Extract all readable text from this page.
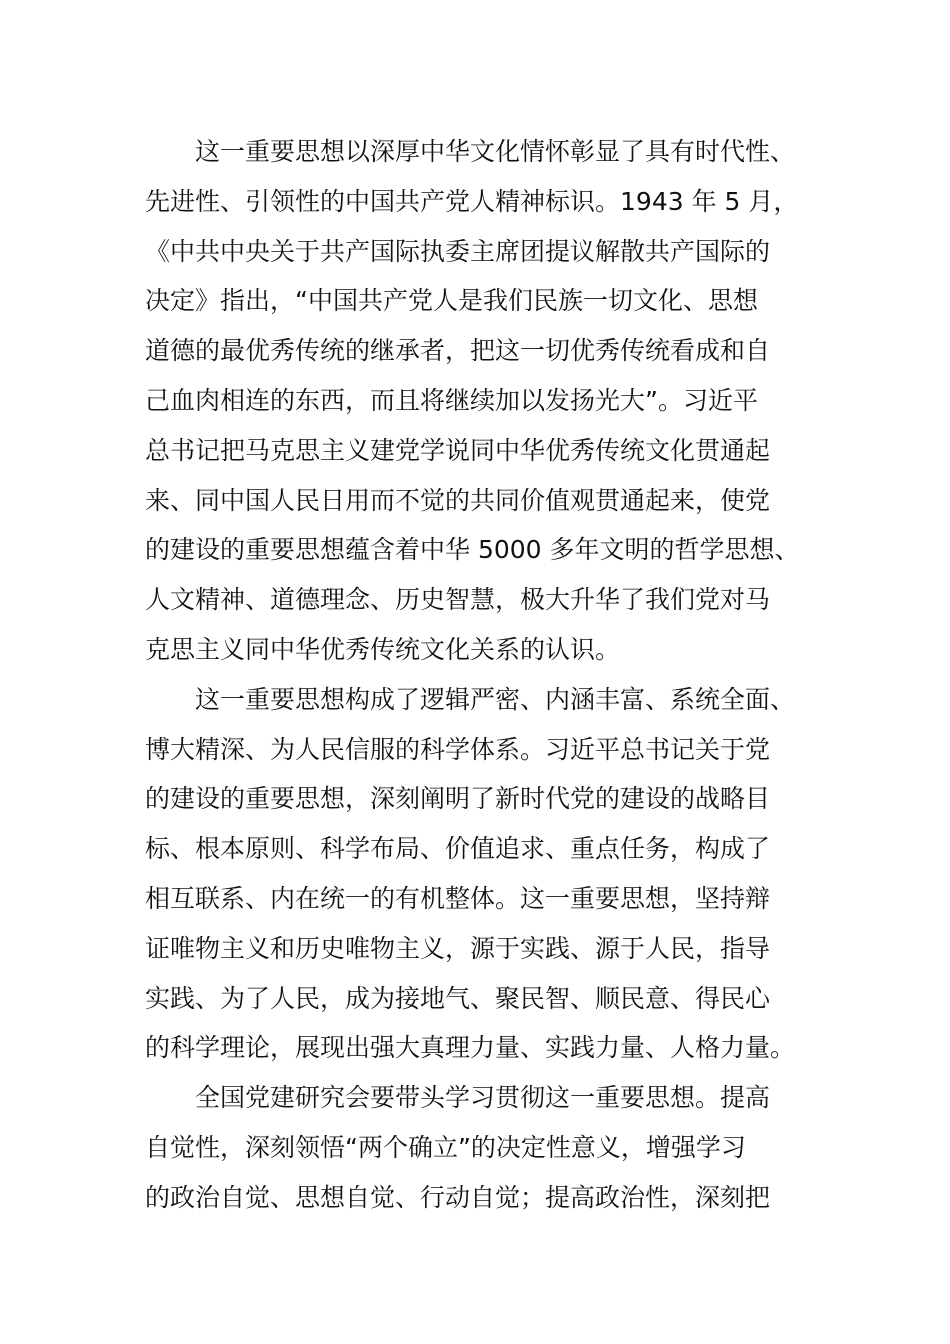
这一重要思想以深厚中华文化情怀彰显了具有时代性、
先进性、引领性的中国共产党人精神标识。1943 年 5 月，
《中共中央关于共产国际执委主席团提议解散共产国际的
决定》指出，“中国共产党人是我们民族一切文化、思想
道德的最优秀传统的继承者，把这一切优秀传统看成和自
己血肉相连的东西，而且将继续加以发扬光大”。习近平
总书记把马克思主义建党学说同中华优秀传统文化贯通起
来、同中国人民日用而不觉的共同价值观贯通起来，使党
的建设的重要思想蕴含着中华 5000 多年文明的哲学思想、
人文精神、道德理念、历史智慧，极大升华了我们党对马
克思主义同中华优秀传统文化关系的认识。
这一重要思想构成了逻辑严密、内涵丰富、系统全面、
博大精深、为人民信服的科学体系。习近平总书记关于党
的建设的重要思想，深刻阐明了新时代党的建设的战略目
标、根本原则、科学布局、价值追求、重点任务，构成了
相互联系、内在统一的有机整体。这一重要思想，坚持辩
证唯物主义和历史唯物主义，源于实践、源于人民，指导
实践、为了人民，成为接地气、聚民智、顺民意、得民心
的科学理论，展现出强大真理力量、实践力量、人格力量。
全国党建研究会要带头学习贯彻这一重要思想。提高
自觉性，深刻领悟“两个确立”的决定性意义，增强学习
的政治自觉、思想自觉、行动自觉；提高政治性，深刻把
